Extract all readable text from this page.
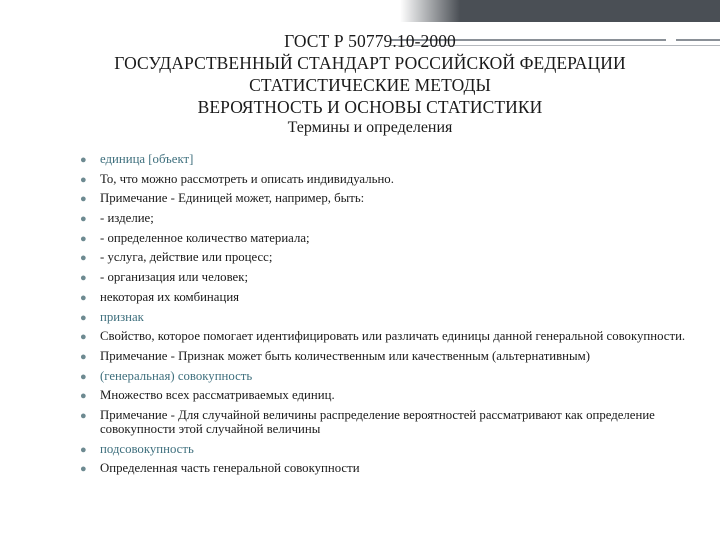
ГОСТ Р 50779.10-2000
ГОСУДАРСТВЕННЫЙ СТАНДАРТ РОССИЙСКОЙ ФЕДЕРАЦИИ
СТАТИСТИЧЕСКИЕ МЕТОДЫ
ВЕРОЯТНОСТЬ И ОСНОВЫ СТАТИСТИКИ
Термины и определения
● единица [объект]
● То, что можно рассмотреть и описать индивидуально.
● Примечание - Единицей может, например, быть:
● - изделие;
● - определенное количество материала;
● - услуга, действие или процесс;
● - организация или человек;
● некоторая их комбинация
● признак
● Свойство, которое помогает идентифицировать или различать единицы данной генеральной совокупности.
● Примечание - Признак может быть количественным или качественным (альтернативным)
● (генеральная) совокупность
● Множество всех рассматриваемых единиц.
● Примечание - Для случайной величины распределение вероятностей рассматривают как определение совокупности этой случайной величины
● подсовокупность
● Определенная часть генеральной совокупности
